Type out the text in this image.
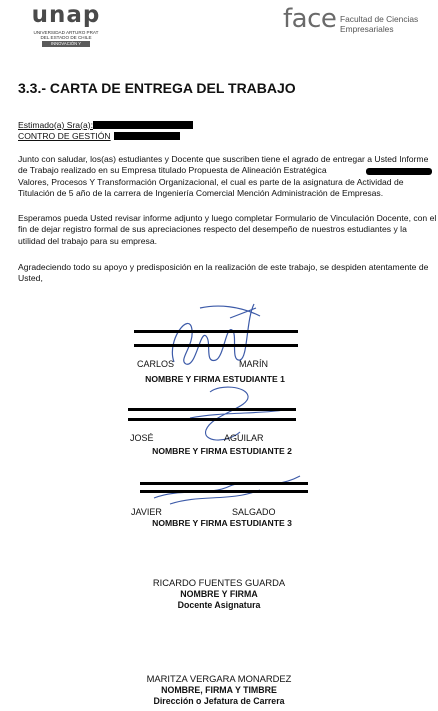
unap
UNIVERSIDAD ARTURO PRAT
DEL ESTADO DE CHILE
INNOVACIÓN Y TRADICIÓN
face Facultad de Ciencias
Empresariales
3.3.- CARTA DE ENTREGA DEL TRABAJO
Estimado(a) Sra(a):
CONTRO DE GESTIÓN
Junto con saludar, los(as) estudiantes y Docente que suscriben tiene el agrado de entregar a Usted Informe
de Trabajo realizado en su Empresa titulado Propuesta de Alineación Estratégica
Valores, Procesos Y Transformación Organizacional, el cual es parte de la asignatura de Actividad de
Titulación de 5 año de la carrera de Ingeniería Comercial Mención Administración de Empresas.
Esperamos pueda Usted revisar informe adjunto y luego completar Formulario de Vinculación Docente, con el
fin de dejar registro formal de sus apreciaciones respecto del desempeño de nuestros estudiantes y la
utilidad del trabajo para su empresa.
Agradeciendo todo su apoyo y predisposición en la realización de este trabajo, se despiden atentamente de
Usted,
CARLOS	MARÍN
NOMBRE Y FIRMA ESTUDIANTE 1
JOSÉ	AGUILAR
NOMBRE Y FIRMA ESTUDIANTE 2
JAVIER	SALGADO
NOMBRE Y FIRMA ESTUDIANTE 3
RICARDO FUENTES GUARDA
NOMBRE Y FIRMA
Docente Asignatura
MARITZA VERGARA MONARDEZ
NOMBRE, FIRMA Y TIMBRE
Dirección o Jefatura de Carrera
